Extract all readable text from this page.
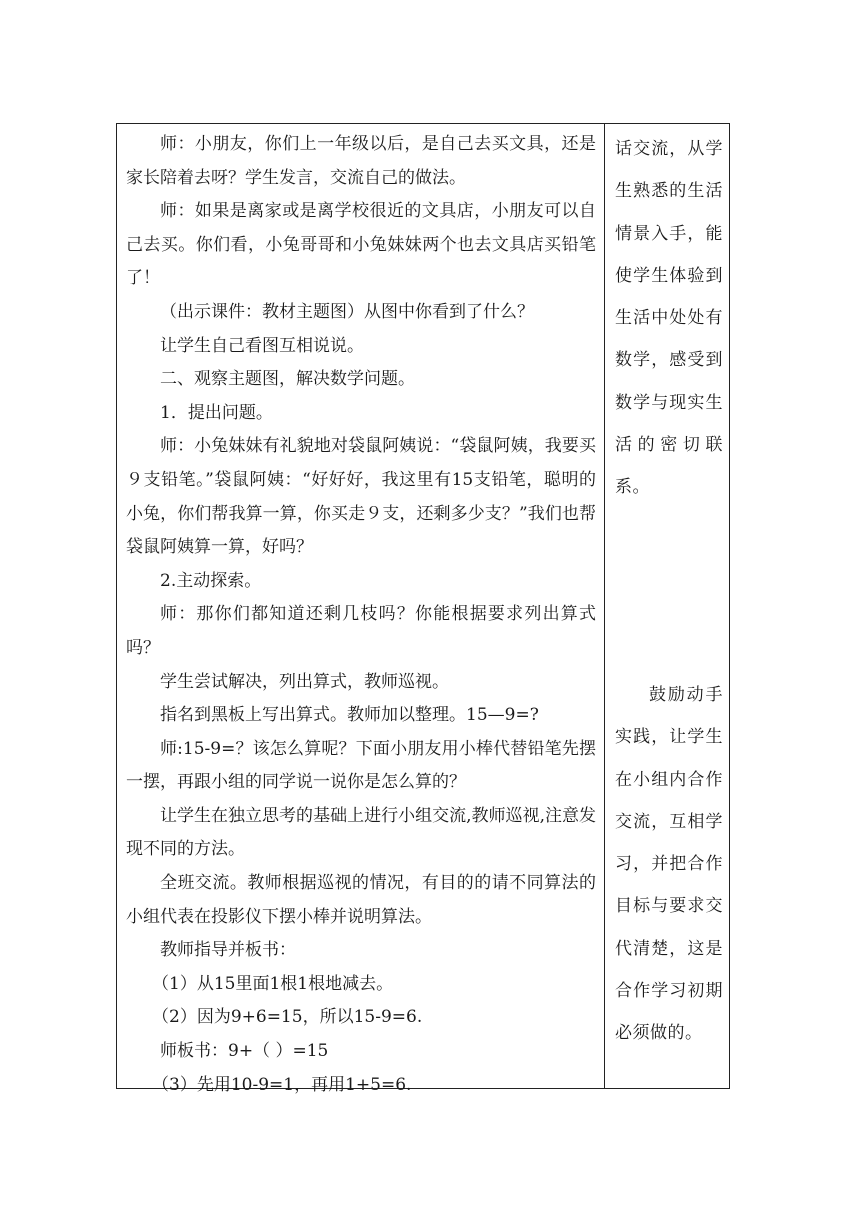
师：小朋友，你们上一年级以后，是自己去买文具，还是家长陪着去呀？学生发言，交流自己的做法。

师：如果是离家或是离学校很近的文具店，小朋友可以自己去买。你们看，小兔哥哥和小兔妹妹两个也去文具店买铅笔了！

（出示课件：教材主题图）从图中你看到了什么？

让学生自己看图互相说说。

二、观察主题图，解决数学问题。

1．提出问题。

师：小兔妹妹有礼貌地对袋鼠阿姨说：“袋鼠阿姨，我要买９支铅笔。”袋鼠阿姨：“好好好，我这里有15支铅笔，聪明的小兔，你们帮我算一算，你买走９支，还剩多少支？”我们也帮袋鼠阿姨算一算，好吗？

2.主动探索。

师：那你们都知道还剩几枝吗？你能根据要求列出算式吗？

学生尝试解决，列出算式，教师巡视。

指名到黑板上写出算式。教师加以整理。15—9=?

师:15-9=？该怎么算呢？下面小朋友用小棒代替铅笔先摆一摆，再跟小组的同学说一说你是怎么算的？

让学生在独立思考的基础上进行小组交流,教师巡视,注意发现不同的方法。

全班交流。教师根据巡视的情况，有目的的请不同算法的小组代表在投影仪下摆小棒并说明算法。

教师指导并板书：

（1）从15里面1根1根地减去。

（2）因为9+6=15，所以15-9=6.

师板书：9+（ ）=15

（3）先用10-9=1，再用1+5=6.

话交流，从学生熟悉的生活情景入手，能使学生体验到生活中处处有数学，感受到数学与现实生活的密切联系。

鼓励动手实践，让学生在小组内合作交流，互相学习，并把合作目标与要求交代清楚，这是合作学习初期必须做的。
